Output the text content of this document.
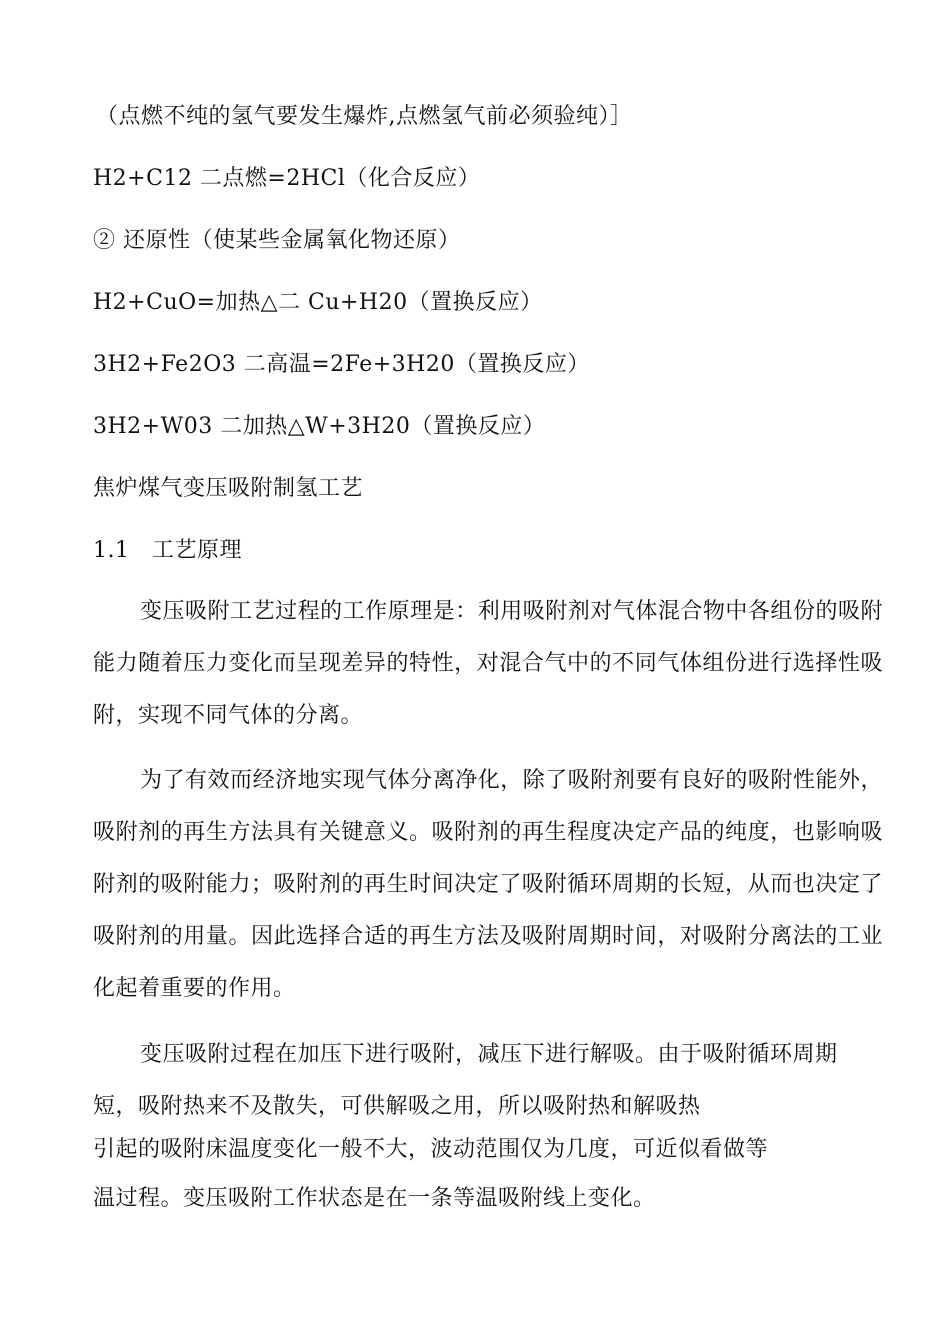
（点燃不纯的氢气要发生爆炸,点燃氢气前必须验纯）］
H2+C12 二点燃=2HCl（化合反应）
② 还原性（使某些金属氧化物还原）
H2+CuO=加热△二 Cu+H20（置换反应）
3H2+Fe2O3 二高温=2Fe+3H20（置换反应）
3H2+W03 二加热△W+3H20（置换反应）
焦炉煤气变压吸附制氢工艺
1.1   工艺原理
变压吸附工艺过程的工作原理是：利用吸附剂对气体混合物中各组份的吸附能力随着压力变化而呈现差异的特性，对混合气中的不同气体组份进行选择性吸附，实现不同气体的分离。
为了有效而经济地实现气体分离净化，除了吸附剂要有良好的吸附性能外，吸附剂的再生方法具有关键意义。吸附剂的再生程度决定产品的纯度，也影响吸附剂的吸附能力；吸附剂的再生时间决定了吸附循环周期的长短，从而也决定了吸附剂的用量。因此选择合适的再生方法及吸附周期时间，对吸附分离法的工业化起着重要的作用。
变压吸附过程在加压下进行吸附，减压下进行解吸。由于吸附循环周期
短，吸附热来不及散失，可供解吸之用，所以吸附热和解吸热
引起的吸附床温度变化一般不大，波动范围仅为几度，可近似看做等
温过程。变压吸附工作状态是在一条等温吸附线上变化。
